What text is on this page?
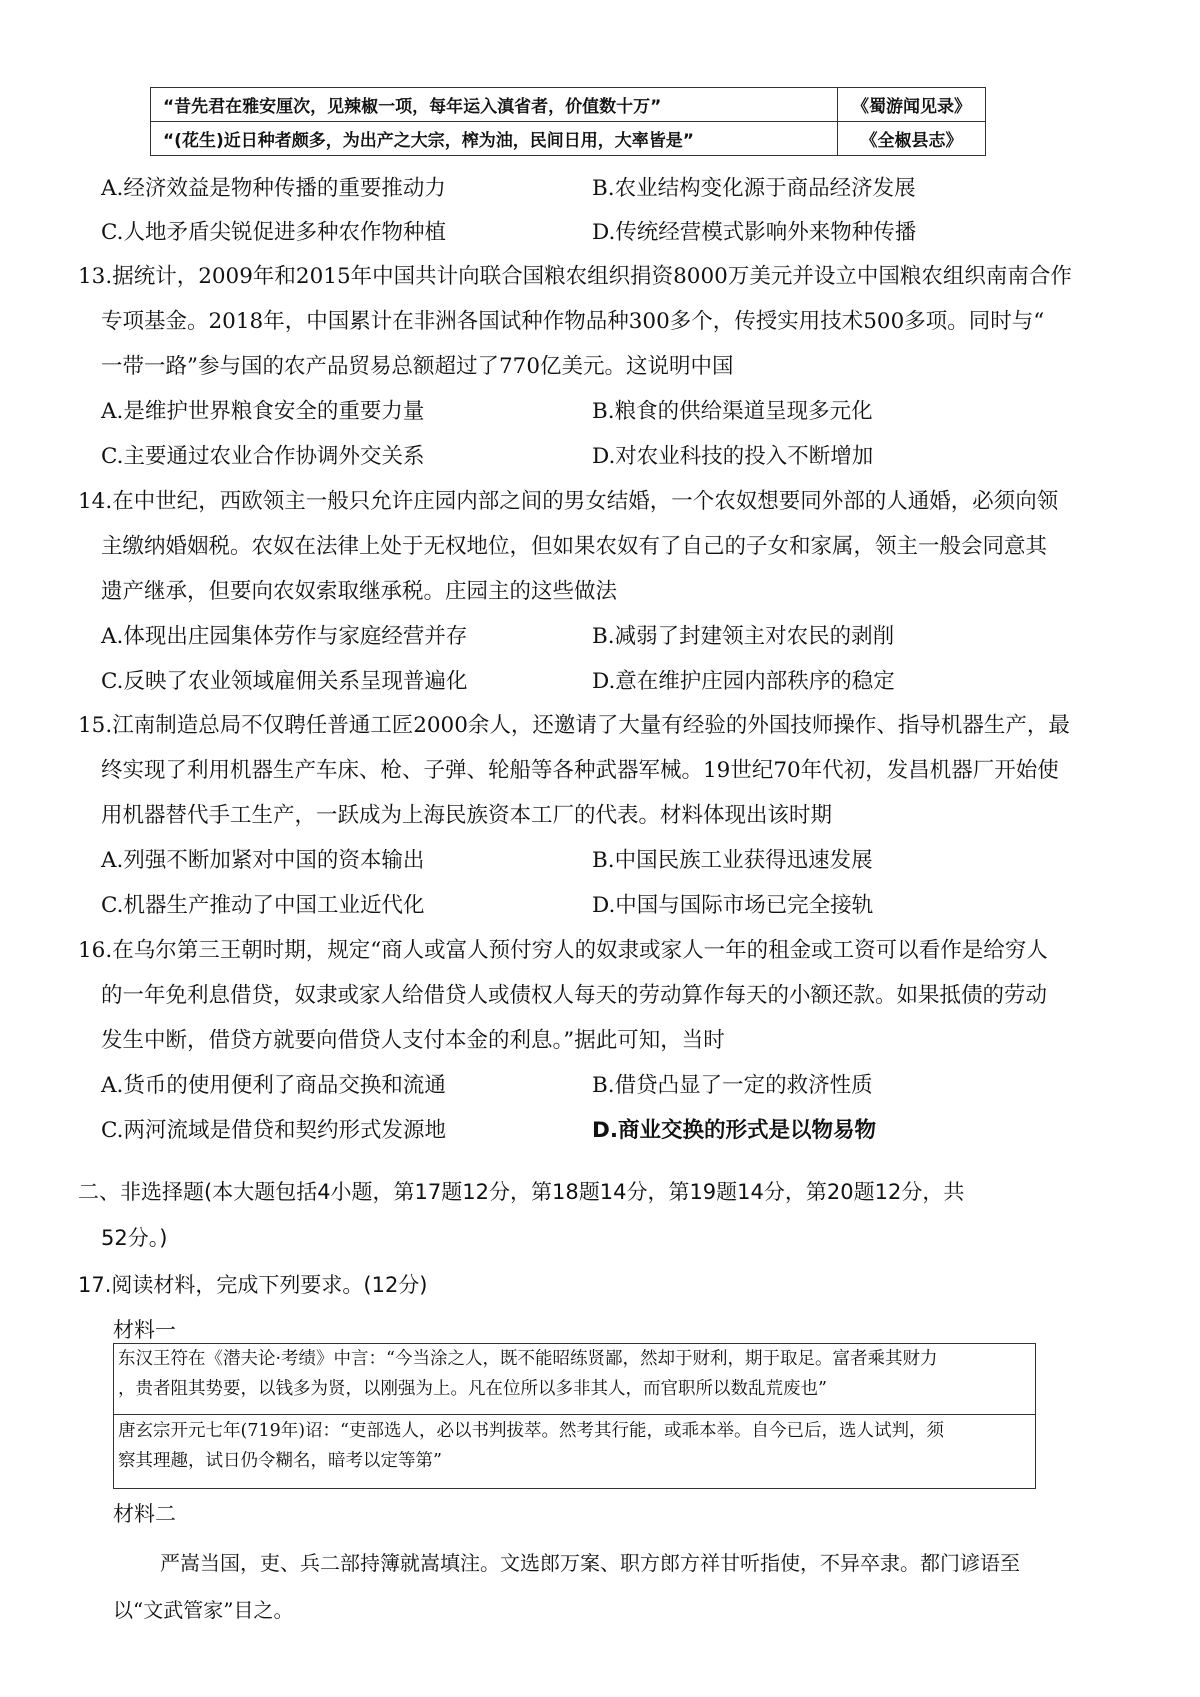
“昔先君在雅安厘次，见辣椒一项，每年运入滇省者，价值数十万”	《蜀游闻见录》
“(花生)近日种者颇多，为出产之大宗，榨为油，民间日用，大率皆是”	《全椒县志》
A.经济效益是物种传播的重要推动力	B.农业结构变化源于商品经济发展
C.人地矛盾尖锐促进多种农作物种植	D.传统经营模式影响外来物种传播
13.据统计，2009年和2015年中国共计向联合国粮农组织捐资8000万美元并设立中国粮农组织南南合作
专项基金。2018年，中国累计在非洲各国试种作物品种300多个，传授实用技术500多项。同时与“
一带一路”参与国的农产品贸易总额超过了770亿美元。这说明中国
A.是维护世界粮食安全的重要力量	B.粮食的供给渠道呈现多元化
C.主要通过农业合作协调外交关系	D.对农业科技的投入不断增加
14.在中世纪，西欧领主一般只允许庄园内部之间的男女结婚，一个农奴想要同外部的人通婚，必须向领
主缴纳婚姻税。农奴在法律上处于无权地位，但如果农奴有了自己的子女和家属，领主一般会同意其
遗产继承，但要向农奴索取继承税。庄园主的这些做法
A.体现出庄园集体劳作与家庭经营并存	B.减弱了封建领主对农民的剥削
C.反映了农业领域雇佣关系呈现普遍化	D.意在维护庄园内部秩序的稳定
15.江南制造总局不仅聘任普通工匠2000余人，还邀请了大量有经验的外国技师操作、指导机器生产，最
终实现了利用机器生产车床、枪、子弹、轮船等各种武器军械。19世纪70年代初，发昌机器厂开始使
用机器替代手工生产，一跃成为上海民族资本工厂的代表。材料体现出该时期
A.列强不断加紧对中国的资本输出	B.中国民族工业获得迅速发展
C.机器生产推动了中国工业近代化	D.中国与国际市场已完全接轨
16.在乌尔第三王朝时期，规定“商人或富人预付穷人的奴隶或家人一年的租金或工资可以看作是给穷人
的一年免利息借贷，奴隶或家人给借贷人或债权人每天的劳动算作每天的小额还款。如果抵债的劳动
发生中断，借贷方就要向借贷人支付本金的利息。”据此可知，当时
A.货币的使用便利了商品交换和流通	B.借贷凸显了一定的救济性质
C.两河流域是借贷和契约形式发源地	D.商业交换的形式是以物易物
二、非选择题(本大题包括4小题，第17题12分，第18题14分，第19题14分，第20题12分，共
52分。)
17.阅读材料，完成下列要求。(12分)
材料一
东汉王符在《潜夫论·考绩》中言：“今当涂之人，既不能昭练贤鄙，然却于财利，期于取足。富者乘其财力
，贵者阻其势要，以钱多为贤，以刚强为上。凡在位所以多非其人，而官职所以数乱荒废也”
唐玄宗开元七年(719年)诏：“吏部选人，必以书判拔萃。然考其行能，或乖本举。自今已后，选人试判，须
察其理趣，试日仍令糊名，暗考以定等第”
材料二
严嵩当国，吏、兵二部持簿就嵩填注。文选郎万案、职方郎方祥甘听指使，不异卒隶。都门谚语至
以“文武管家”目之。
